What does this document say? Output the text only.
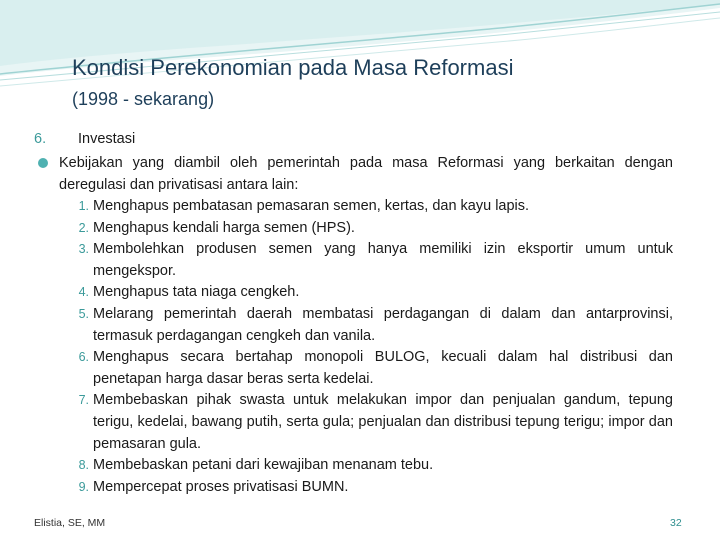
Kondisi Perekonomian pada Masa Reformasi
(1998 - sekarang)
6. Investasi
Kebijakan yang diambil oleh pemerintah pada masa Reformasi yang berkaitan dengan deregulasi dan privatisasi antara lain:
1. Menghapus pembatasan pemasaran semen, kertas, dan kayu lapis.
2. Menghapus kendali harga semen (HPS).
3. Membolehkan produsen semen yang hanya memiliki izin eksportir umum untuk mengekspor.
4. Menghapus tata niaga cengkeh.
5. Melarang pemerintah daerah membatasi perdagangan di dalam dan antarprovinsi, termasuk perdagangan cengkeh dan vanila.
6. Menghapus secara bertahap monopoli BULOG, kecuali dalam hal distribusi dan penetapan harga dasar beras serta kedelai.
7. Membebaskan pihak swasta untuk melakukan impor dan penjualan gandum, tepung terigu, kedelai, bawang putih, serta gula; penjualan dan distribusi tepung terigu; impor dan pemasaran gula.
8. Membebaskan petani dari kewajiban menanam tebu.
9. Mempercepat proses privatisasi BUMN.
Elistia, SE, MM	32
